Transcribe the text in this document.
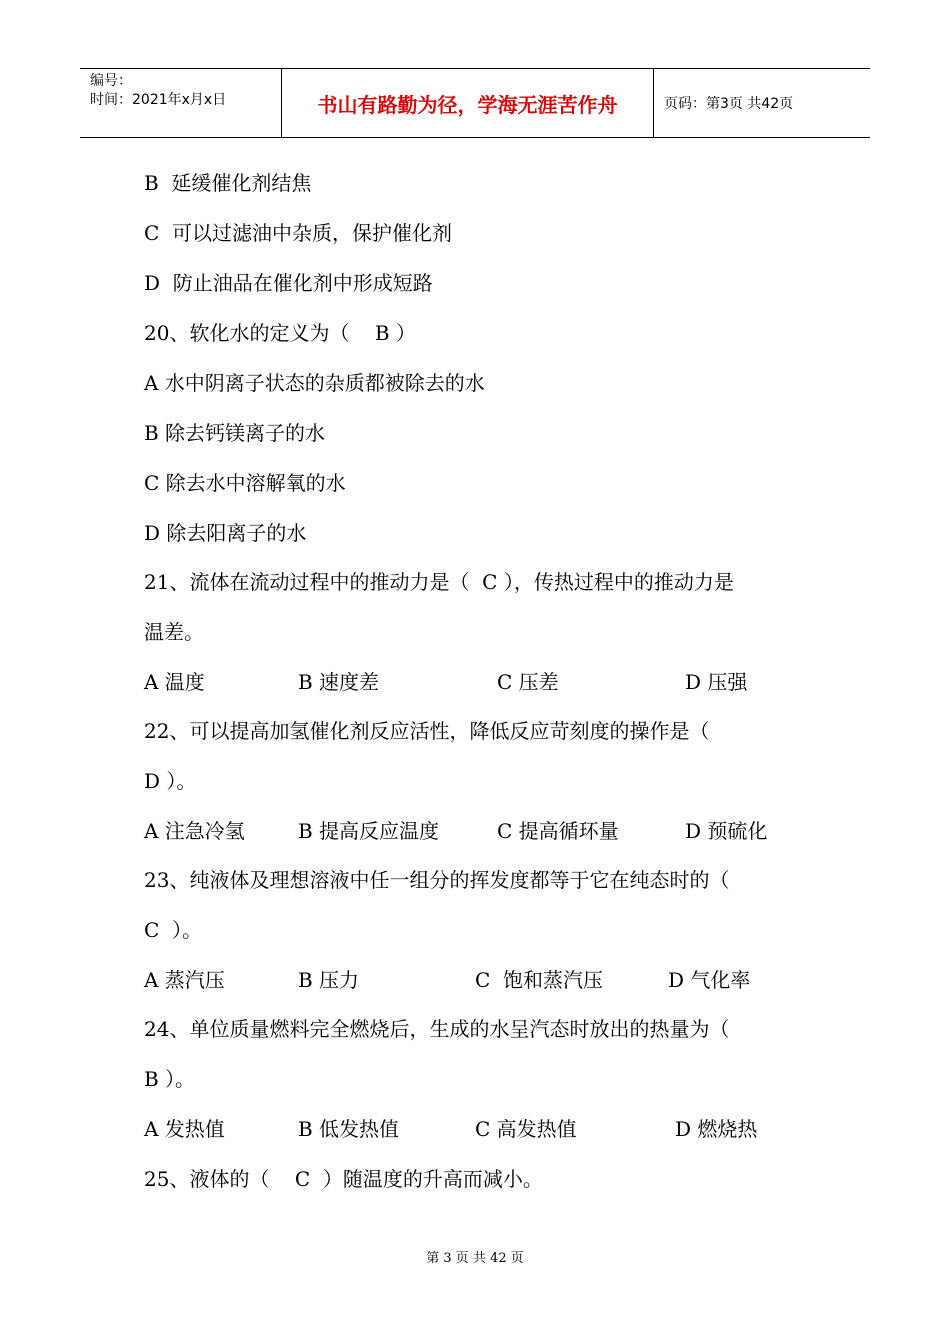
编号：
时间：2021年x月x日	书山有路勤为径，学海无涯苦作舟	页码：第3页 共42页
B  延缓催化剂结焦
C  可以过滤油中杂质，保护催化剂
D  防止油品在催化剂中形成短路
20、软化水的定义为（    B ）
A 水中阴离子状态的杂质都被除去的水
B 除去钙镁离子的水
C 除去水中溶解氧的水
D 除去阳离子的水
21、流体在流动过程中的推动力是（  C ），传热过程中的推动力是
温差。

A 温度

	B 速度差

	C 压差

	D 压强

22、可以提高加氢催化剂反应活性，降低反应苛刻度的操作是（
D ）。

A 注急冷氢

	B 提高反应温度

	C 提高循环量

	D 预硫化

23、纯液体及理想溶液中任一组分的挥发度都等于它在纯态时的（
C  ）。

A 蒸汽压

	B 压力

	C  饱和蒸汽压

	D 气化率

24、单位质量燃料完全燃烧后，生成的水呈汽态时放出的热量为（
B ）。

A 发热值

	B 低发热值

	C 高发热值

	D 燃烧热

25、液体的（    C  ）随温度的升高而减小。
第 3 页 共 42 页
